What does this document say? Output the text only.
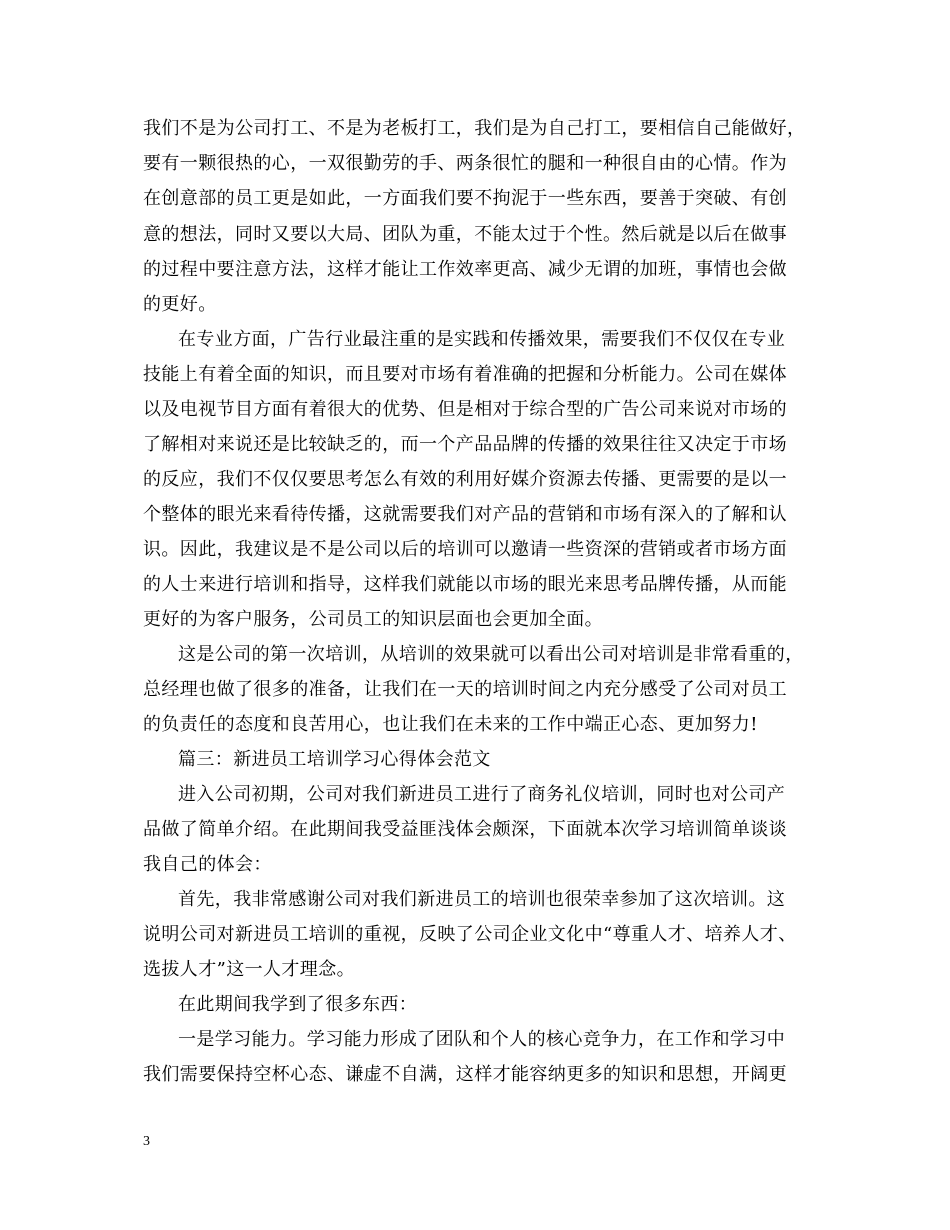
我们不是为公司打工、不是为老板打工，我们是为自己打工，要相信自己能做好，
要有一颗很热的心，一双很勤劳的手、两条很忙的腿和一种很自由的心情。作为
在创意部的员工更是如此，一方面我们要不拘泥于一些东西，要善于突破、有创
意的想法，同时又要以大局、团队为重，不能太过于个性。然后就是以后在做事
的过程中要注意方法，这样才能让工作效率更高、减少无谓的加班，事情也会做
的更好。
在专业方面，广告行业最注重的是实践和传播效果，需要我们不仅仅在专业
技能上有着全面的知识，而且要对市场有着准确的把握和分析能力。公司在媒体
以及电视节目方面有着很大的优势、但是相对于综合型的广告公司来说对市场的
了解相对来说还是比较缺乏的，而一个产品品牌的传播的效果往往又决定于市场
的反应，我们不仅仅要思考怎么有效的利用好媒介资源去传播、更需要的是以一
个整体的眼光来看待传播，这就需要我们对产品的营销和市场有深入的了解和认
识。因此，我建议是不是公司以后的培训可以邀请一些资深的营销或者市场方面
的人士来进行培训和指导，这样我们就能以市场的眼光来思考品牌传播，从而能
更好的为客户服务，公司员工的知识层面也会更加全面。
这是公司的第一次培训，从培训的效果就可以看出公司对培训是非常看重的，
总经理也做了很多的准备，让我们在一天的培训时间之内充分感受了公司对员工
的负责任的态度和良苦用心，也让我们在未来的工作中端正心态、更加努力!
篇三：新进员工培训学习心得体会范文
进入公司初期，公司对我们新进员工进行了商务礼仪培训，同时也对公司产
品做了简单介绍。在此期间我受益匪浅体会颇深，下面就本次学习培训简单谈谈
我自己的体会：
首先，我非常感谢公司对我们新进员工的培训也很荣幸参加了这次培训。这
说明公司对新进员工培训的重视，反映了公司企业文化中“尊重人才、培养人才、
选拔人才”这一人才理念。
在此期间我学到了很多东西：
一是学习能力。学习能力形成了团队和个人的核心竞争力，在工作和学习中
我们需要保持空杯心态、谦虚不自满，这样才能容纳更多的知识和思想，开阔更
3
